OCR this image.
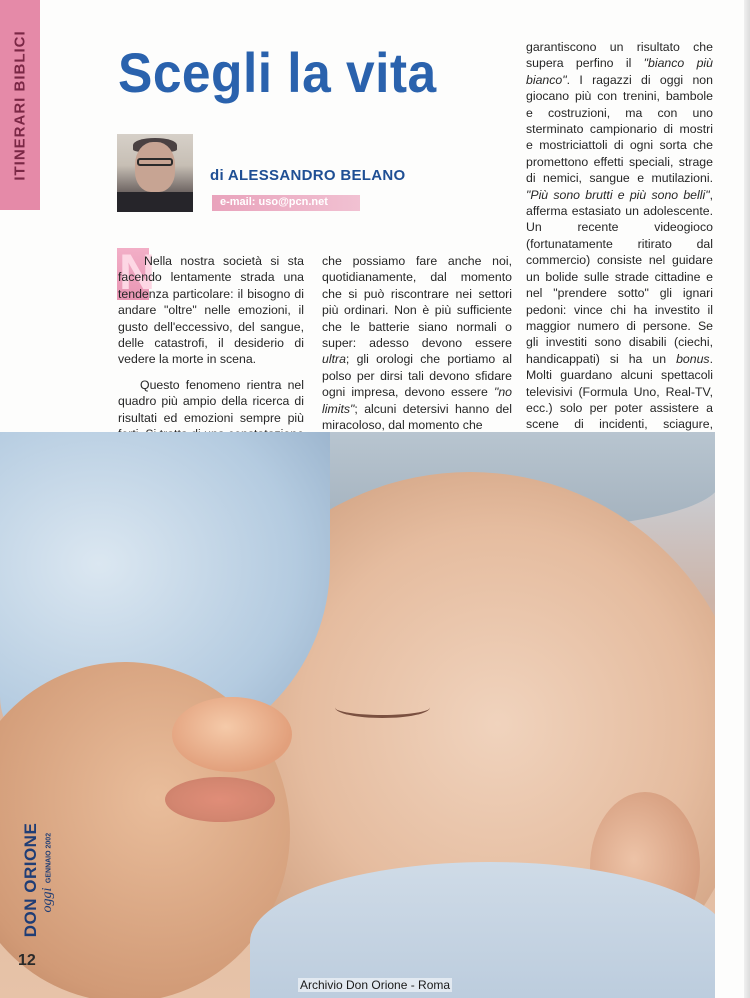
ITINERARI BIBLICI Scegli la vita
di ALESSANDRO BELANO
e-mail: uso@pcn.net
N

Nella nostra società si sta facendo lentamente strada una tendenza particolare: il bisogno di andare "oltre" nelle emozioni, il gusto dell'eccessivo, del sangue, delle catastrofi, il desiderio di vedere la morte in scena.

Questo fenomeno rientra nel quadro più ampio della ricerca di risultati ed emozioni sempre più

che possiamo fare anche noi, quotidianamente, dal momento che si può riscontrare nei settori più ordinari. Non è più sufficiente che le batterie siano normali o super: adesso devono essere ultra; gli orologi che portiamo al polso per dirsi tali devono sfidare ogni impresa, devono essere "no limits"; alcuni detersivi hanno del miracoloso, dal momento che

garantiscono un risultato che supera perfino il "bianco più bianco". I ragazzi di oggi non giocano più con trenini, bambole e costruzioni, ma con uno sterminato campionario di mostri e mostriciattoli di ogni sorta che promettono effetti speciali, strage di nemici, sangue e mutilazioni. "Più sono brutti e più sono belli", afferma estasiato un adolescente. Un recente videogioco (fortunatamente ritirato dal commercio) consiste nel guidare un bolide sulle strade cittadine e nel "prendere sotto" gli ignari pedoni: vince chi ha investito il maggior numero di persone. Se gli investiti sono disabili (ciechi, handicappati) si ha un bonus. Molti guardano alcuni spettacoli televisivi (Formula Uno, Real-TV, ecc.) solo per poter assistere a scene di incidenti, sciagure,

DON ORIONE oggi
GENNAIO 2002
12
Archivio Don Orione - Roma
